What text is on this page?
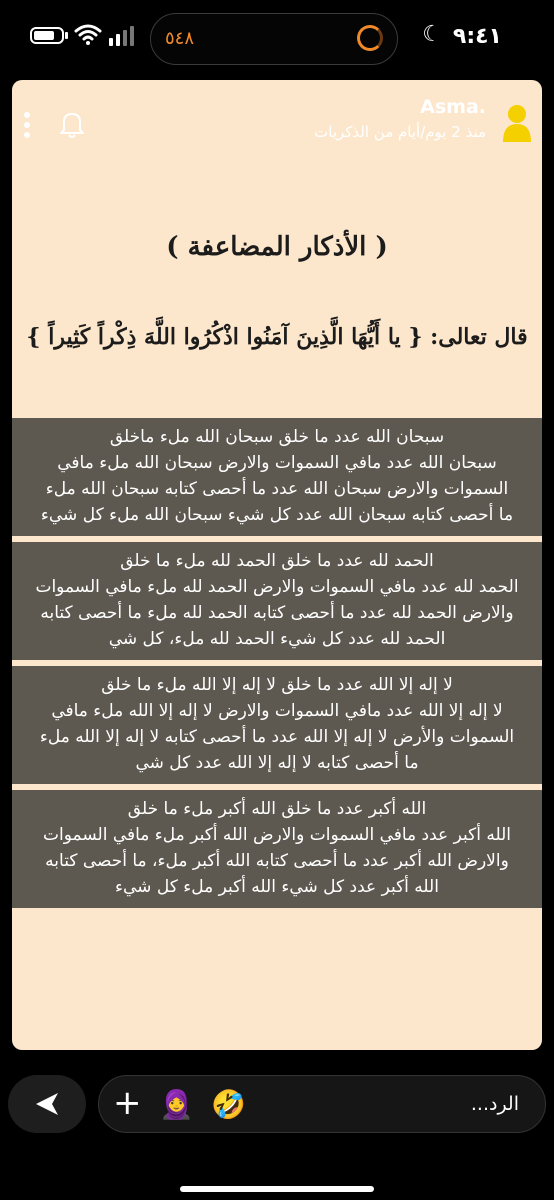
٩:٤١
☾
٥٤٨
Asma.
منذ 2 يوم/أيام من الذكريات
( الأذكار المضاعفة )
قال تعالى: { يا أَيُّهَا الَّذِينَ آمَنُوا اذْكُرُوا اللَّهَ ذِكْراً كَثِيراً }
سبحان الله عدد ما خلق سبحان الله ملء ماخلق
سبحان الله عدد مافي السموات والارض سبحان الله ملء مافي
السموات والارض سبحان الله عدد ما أحصى كتابه سبحان الله ملء
ما أحصى كتابه سبحان الله عدد كل شيء سبحان الله ملء كل شيء
الحمد لله عدد ما خلق الحمد لله ملء ما خلق
الحمد لله عدد مافي السموات والارض الحمد لله ملء مافي السموات
والارض الحمد لله عدد ما أحصى كتابه الحمد لله ملء ما أحصى كتابه
الحمد لله عدد كل شيء الحمد لله ملء، كل شي
لا إله إلا الله عدد ما خلق لا إله إلا الله ملء ما خلق
لا إله إلا الله عدد مافي السموات والارض لا إله إلا الله ملء مافي
السموات والأرض لا إله إلا الله عدد ما أحصى كتابه لا إله إلا الله ملء
ما أحصى كتابه لا إله إلا الله عدد كل شي
الله أكبر عدد ما خلق الله أكبر ملء ما خلق
الله أكبر عدد مافي السموات والارض الله أكبر ملء مافي السموات
والارض الله أكبر عدد ما أحصى كتابه الله أكبر ملء، ما أحصى كتابه
الله أكبر عدد كل شيء الله أكبر ملء كل شيء
+ 🧕 🤣	الرد...
